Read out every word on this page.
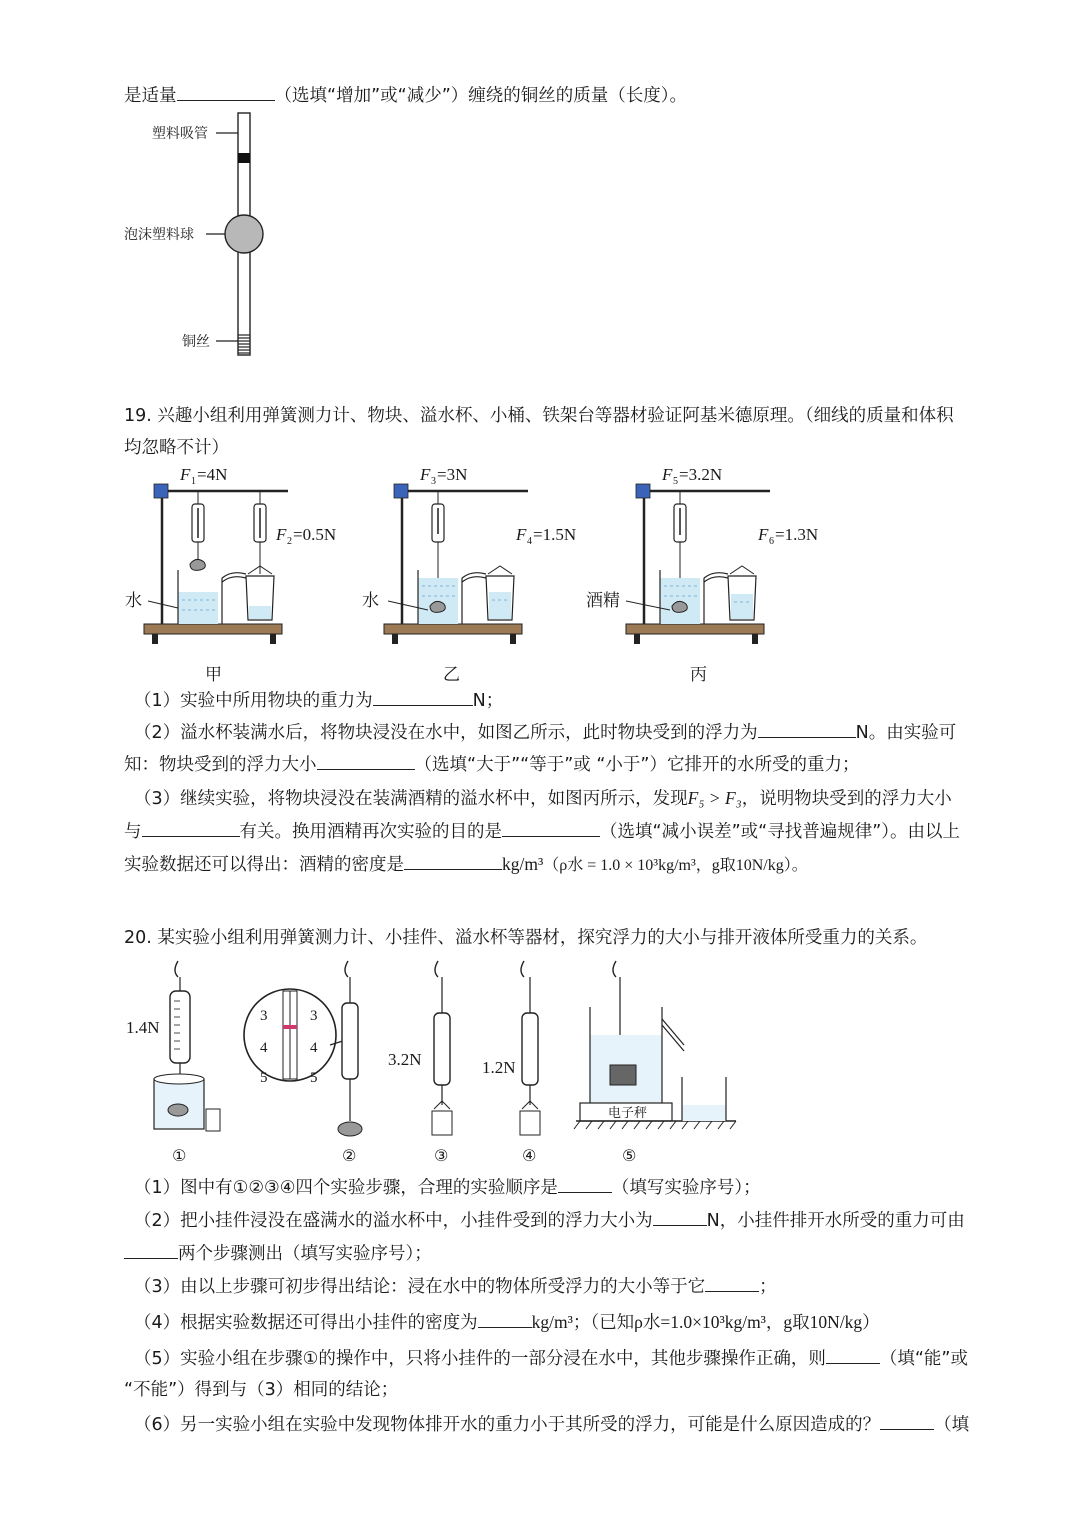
是适量	（选填“增加”或“减少”）缠绕的铜丝的质量（长度）。
塑料吸管
泡沫塑料球
铜丝
19. 兴趣小组利用弹簧测力计、物块、溢水杯、小桶、铁架台等器材验证阿基米德原理。（细线的质量和体积
均忽略不计）
F 1 =4N
F 2 =0.5N
水
甲
F 3 =3N
F 4 =1.5N
水
乙
F 5 =3.2N
F 6 =1.3N
酒精
丙
（1）实验中所用物块的重力为	N；
（2）溢水杯装满水后，将物块浸没在水中，如图乙所示，此时物块受到的浮力为	N。由实验可
知：物块受到的浮力大小	（选填“大于”“等于”或 “小于”）它排开的水所受的重力；
（3）继续实验，将物块浸没在装满酒精的溢水杯中，如图丙所示，发现F₅ > F₃，说明物块受到的浮力大小
与	有关。换用酒精再次实验的目的是	（选填“减小误差”或“寻找普遍规律”）。由以上
实验数据还可以得出：酒精的密度是	kg/m³（ρ水 = 1.0 × 10³kg/m³，g取10N/kg）。
20. 某实验小组利用弹簧测力计、小挂件、溢水杯等器材，探究浮力的大小与排开液体所受重力的关系。
1.4N
3
4
5
3
4
5
3.2N	1.2N
电子秤
①	②	③	④	⑤
（1）图中有①②③④四个实验步骤，合理的实验顺序是	（填写实验序号）；
（2）把小挂件浸没在盛满水的溢水杯中，小挂件受到的浮力大小为	N，小挂件排开水所受的重力可由
两个步骤测出（填写实验序号）；
（3）由以上步骤可初步得出结论：浸在水中的物体所受浮力的大小等于它	；
（4）根据实验数据还可得出小挂件的密度为	kg/m³；（已知ρ水=1.0×10³kg/m³，g取10N/kg）
（5）实验小组在步骤①的操作中，只将小挂件的一部分浸在水中，其他步骤操作正确，则	（填“能”或
“不能”）得到与（3）相同的结论；
（6）另一实验小组在实验中发现物体排开水的重力小于其所受的浮力，可能是什么原因造成的？	（填
